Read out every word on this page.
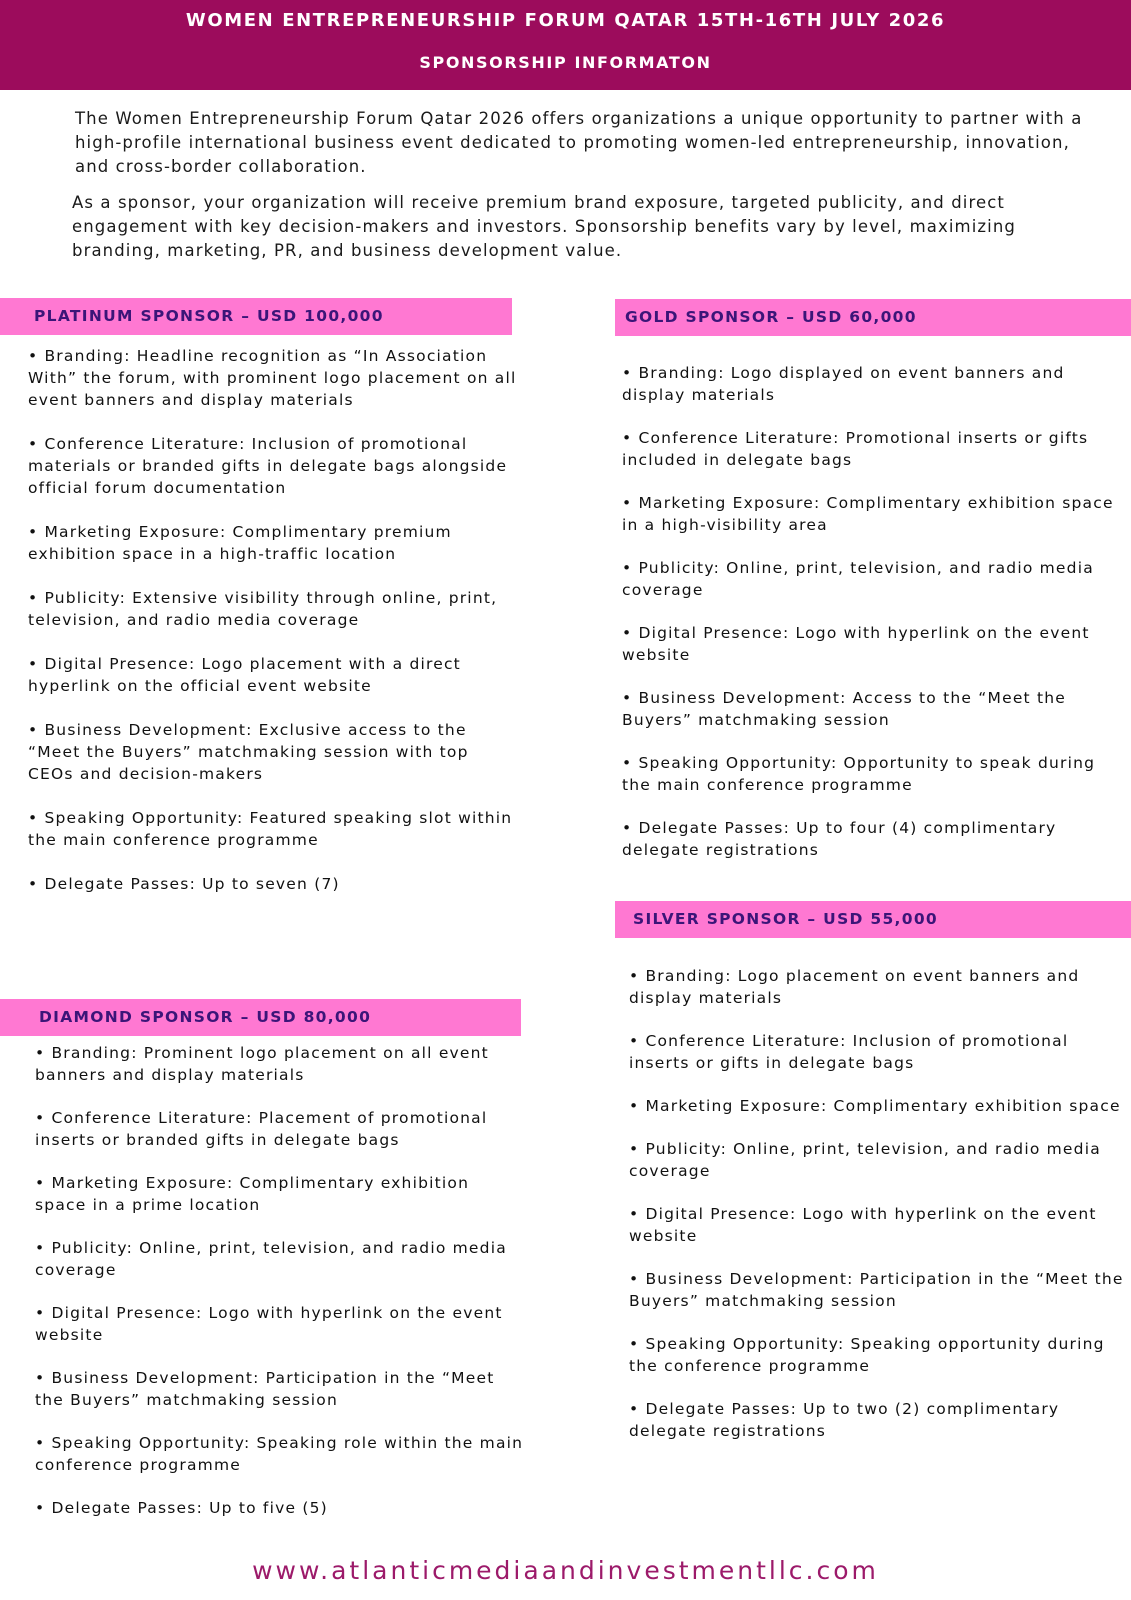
WOMEN ENTREPRENEURSHIP FORUM QATAR 15TH-16TH JULY 2026
SPONSORSHIP INFORMATON

The Women Entrepreneurship Forum Qatar 2026 offers organizations a unique opportunity to partner with a high-profile international business event dedicated to promoting women-led entrepreneurship, innovation, and cross-border collaboration.

As a sponsor, your organization will receive premium brand exposure, targeted publicity, and direct engagement with key decision-makers and investors. Sponsorship benefits vary by level, maximizing branding, marketing, PR, and business development value.

PLATINUM SPONSOR – USD 100,000
• Branding: Headline recognition as “In Association With” the forum, with prominent logo placement on all event banners and display materials
• Conference Literature: Inclusion of promotional materials or branded gifts in delegate bags alongside official forum documentation
• Marketing Exposure: Complimentary premium exhibition space in a high-traffic location
• Publicity: Extensive visibility through online, print, television, and radio media coverage
• Digital Presence: Logo placement with a direct hyperlink on the official event website
• Business Development: Exclusive access to the “Meet the Buyers” matchmaking session with top CEOs and decision-makers
• Speaking Opportunity: Featured speaking slot within the main conference programme
• Delegate Passes: Up to seven (7)
GOLD SPONSOR – USD 60,000
• Branding: Logo displayed on event banners and display materials
• Conference Literature: Promotional inserts or gifts included in delegate bags
• Marketing Exposure: Complimentary exhibition space in a high-visibility area
• Publicity: Online, print, television, and radio media coverage
• Digital Presence: Logo with hyperlink on the event website
• Business Development: Access to the “Meet the Buyers” matchmaking session
• Speaking Opportunity: Opportunity to speak during the main conference programme
• Delegate Passes: Up to four (4) complimentary delegate registrations
DIAMOND SPONSOR – USD 80,000
• Branding: Prominent logo placement on all event banners and display materials
• Conference Literature: Placement of promotional inserts or branded gifts in delegate bags
• Marketing Exposure: Complimentary exhibition space in a prime location
• Publicity: Online, print, television, and radio media coverage
• Digital Presence: Logo with hyperlink on the event website
• Business Development: Participation in the “Meet the Buyers” matchmaking session
• Speaking Opportunity: Speaking role within the main conference programme
• Delegate Passes: Up to five (5)
SILVER SPONSOR – USD 55,000
• Branding: Logo placement on event banners and display materials
• Conference Literature: Inclusion of promotional inserts or gifts in delegate bags
• Marketing Exposure: Complimentary exhibition space
• Publicity: Online, print, television, and radio media coverage
• Digital Presence: Logo with hyperlink on the event website
• Business Development: Participation in the “Meet the Buyers” matchmaking session
• Speaking Opportunity: Speaking opportunity during the conference programme
• Delegate Passes: Up to two (2) complimentary delegate registrations
www.atlanticmediaandinvestmentllc.com
